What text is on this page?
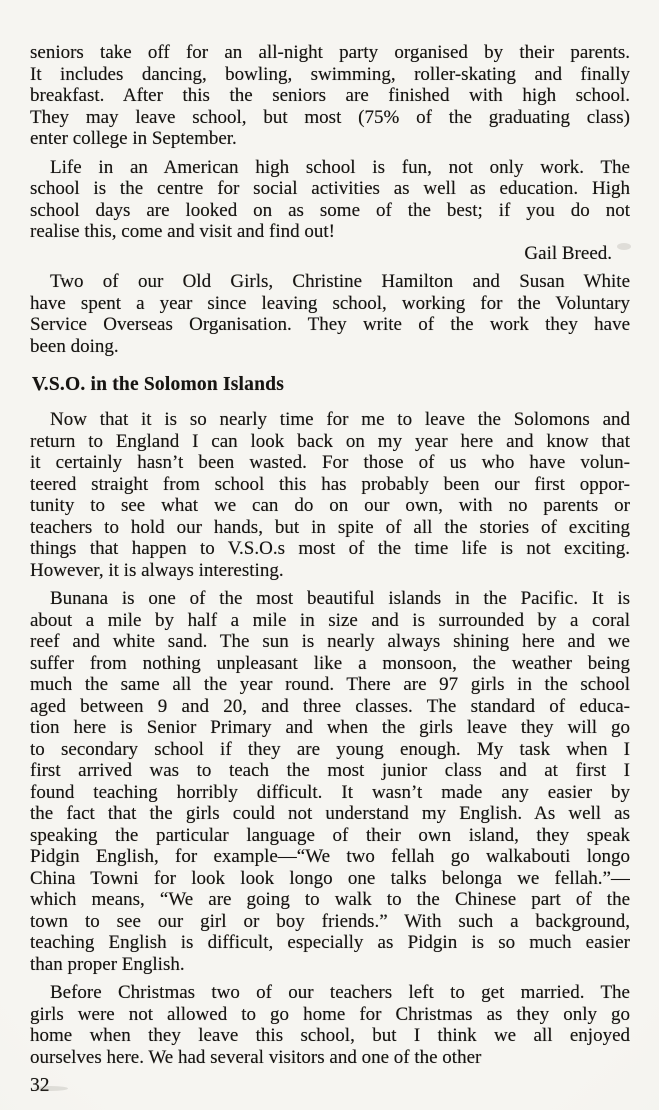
seniors take off for an all-night party organised by their parents.
It includes dancing, bowling, swimming, roller-skating and finally
breakfast. After this the seniors are finished with high school.
They may leave school, but most (75% of the graduating class)
enter college in September.
Life in an American high school is fun, not only work. The
school is the centre for social activities as well as education. High
school days are looked on as some of the best; if you do not
realise this, come and visit and find out!
Gail Breed.
Two of our Old Girls, Christine Hamilton and Susan White
have spent a year since leaving school, working for the Voluntary
Service Overseas Organisation. They write of the work they have
been doing.
V.S.O. in the Solomon Islands
Now that it is so nearly time for me to leave the Solomons and
return to England I can look back on my year here and know that
it certainly hasn’t been wasted. For those of us who have volun-
teered straight from school this has probably been our first oppor-
tunity to see what we can do on our own, with no parents or
teachers to hold our hands, but in spite of all the stories of exciting
things that happen to V.S.O.s most of the time life is not exciting.
However, it is always interesting.
Bunana is one of the most beautiful islands in the Pacific. It is
about a mile by half a mile in size and is surrounded by a coral
reef and white sand. The sun is nearly always shining here and we
suffer from nothing unpleasant like a monsoon, the weather being
much the same all the year round. There are 97 girls in the school
aged between 9 and 20, and three classes. The standard of educa-
tion here is Senior Primary and when the girls leave they will go
to secondary school if they are young enough. My task when I
first arrived was to teach the most junior class and at first I
found teaching horribly difficult. It wasn’t made any easier by
the fact that the girls could not understand my English. As well as
speaking the particular language of their own island, they speak
Pidgin English, for example—“We two fellah go walkabouti longo
China Towni for look look longo one talks belonga we fellah.”—
which means, “We are going to walk to the Chinese part of the
town to see our girl or boy friends.” With such a background,
teaching English is difficult, especially as Pidgin is so much easier
than proper English.
Before Christmas two of our teachers left to get married. The
girls were not allowed to go home for Christmas as they only go
home when they leave this school, but I think we all enjoyed
ourselves here. We had several visitors and one of the other
32
